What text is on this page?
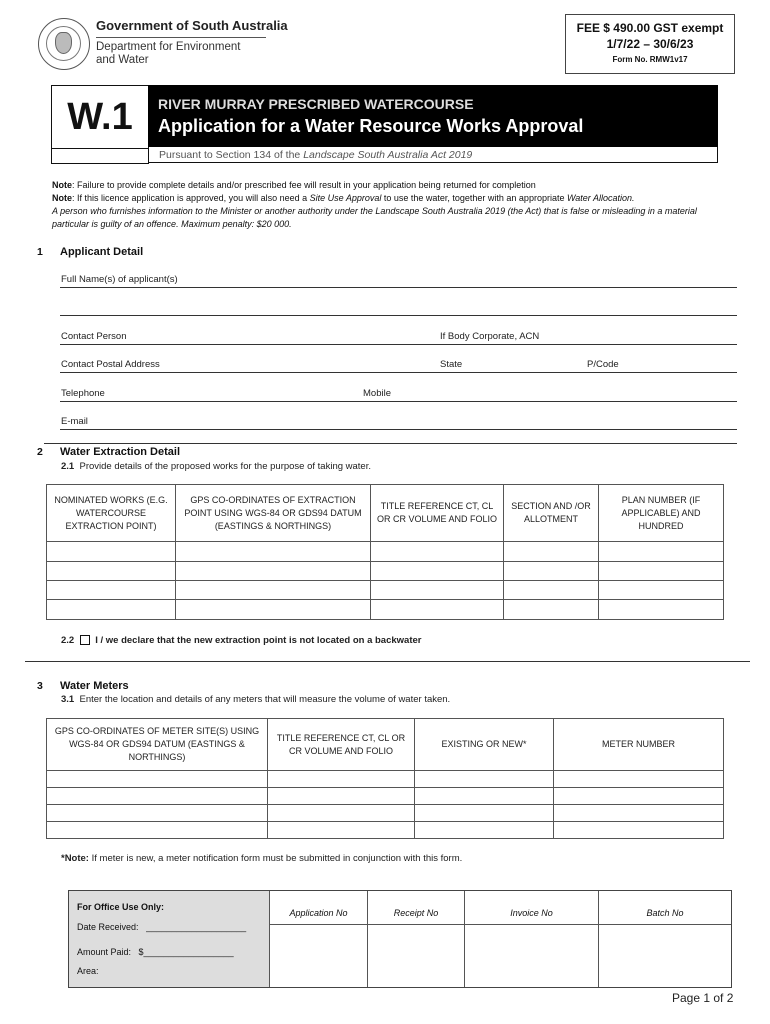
Government of South Australia
Department for Environment
and Water
FEE $ 490.00 GST exempt
1/7/22 – 30/6/23
Form No. RMW1v17
W.1	RIVER MURRAY PRESCRIBED WATERCOURSE
Application for a Water Resource Works Approval
Pursuant to Section 134 of the Landscape South Australia Act 2019

Note: Failure to provide complete details and/or prescribed fee will result in your application being returned for completion

Note: If this licence application is approved, you will also need a Site Use Approval to use the water, together with an appropriate Water Allocation.

A person who furnishes information to the Minister or another authority under the Landscape South Australia 2019 (the Act) that is false or misleading in a material particular is guilty of an offence. Maximum penalty: $20 000.

1 Applicant Detail
Full Name(s) of applicant(s)
Contact Person	If Body Corporate, ACN
Contact Postal Address	State	P/Code
Telephone	Mobile
E-mail
2 Water Extraction Detail
2.1 Provide details of the proposed works for the purpose of taking water.
NOMINATED WORKS (E.G. WATERCOURSE EXTRACTION POINT)	GPS CO-ORDINATES OF EXTRACTION POINT USING WGS-84 OR GDS94 DATUM (EASTINGS & NORTHINGS)	TITLE REFERENCE CT, CL OR CR VOLUME AND FOLIO	SECTION AND /OR ALLOTMENT	PLAN NUMBER (IF APPLICABLE) AND HUNDRED

2.2 I / we declare that the new extraction point is not located on a backwater
3 Water Meters
3.1 Enter the location and details of any meters that will measure the volume of water taken.
GPS CO-ORDINATES OF METER SITE(S) USING WGS-84 OR GDS94 DATUM (EASTINGS & NORTHINGS)	TITLE REFERENCE CT, CL OR CR VOLUME AND FOLIO	EXISTING OR NEW*	METER NUMBER

*Note: If meter is new, a meter notification form must be submitted in conjunction with this form.
For Office Use Only:
Date Received: ____________________
Amount Paid: $__________________
Area:
Application No	Receipt No	Invoice No	Batch No

Page 1 of 2
